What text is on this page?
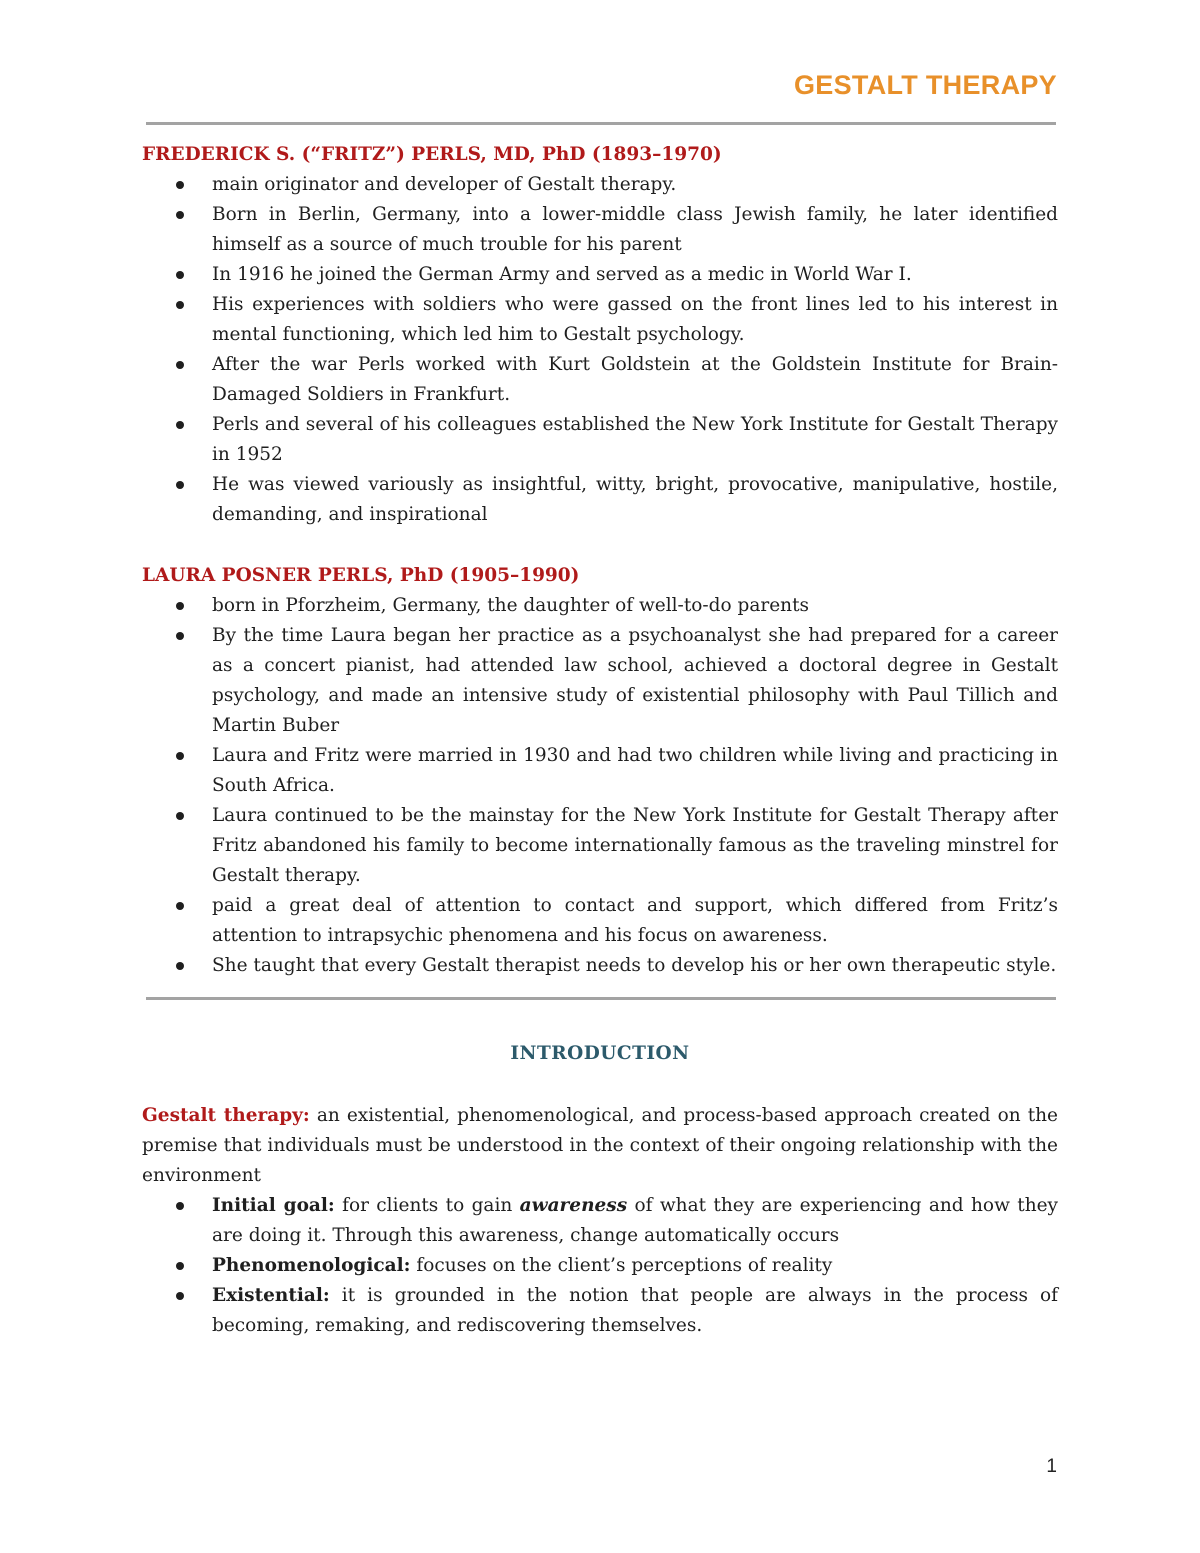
GESTALT THERAPY

FREDERICK S. (“FRITZ”) PERLS, MD, PhD (1893–1970)

main originator and developer of Gestalt therapy.
Born in Berlin, Germany, into a lower-middle class Jewish family, he later identified himself as a source of much trouble for his parent
In 1916 he joined the German Army and served as a medic in World War I.
His experiences with soldiers who were gassed on the front lines led to his interest in mental functioning, which led him to Gestalt psychology.
After the war Perls worked with Kurt Goldstein at the Goldstein Institute for Brain-Damaged Soldiers in Frankfurt.
Perls and several of his colleagues established the New York Institute for Gestalt Therapy in 1952
He was viewed variously as insightful, witty, bright, provocative, manipulative, hostile, demanding, and inspirational

LAURA POSNER PERLS, PhD (1905–1990)

born in Pforzheim, Germany, the daughter of well-to-do parents
By the time Laura began her practice as a psychoanalyst she had prepared for a career as a concert pianist, had attended law school, achieved a doctoral degree in Gestalt psychology, and made an intensive study of existential philosophy with Paul Tillich and Martin Buber
Laura and Fritz were married in 1930 and had two children while living and practicing in South Africa.
Laura continued to be the mainstay for the New York Institute for Gestalt Therapy after Fritz abandoned his family to become internationally famous as the traveling minstrel for Gestalt therapy.
paid a great deal of attention to contact and support, which differed from Fritz’s attention to intrapsychic phenomena and his focus on awareness.
She taught that every Gestalt therapist needs to develop his or her own therapeutic style.
INTRODUCTION

Gestalt therapy: an existential, phenomenological, and process-based approach created on the premise that individuals must be understood in the context of their ongoing relationship with the environment

Initial goal: for clients to gain awareness of what they are experiencing and how they are doing it. Through this awareness, change automatically occurs
Phenomenological: focuses on the client’s perceptions of reality
Existential: it is grounded in the notion that people are always in the process of becoming, remaking, and rediscovering themselves.
1
